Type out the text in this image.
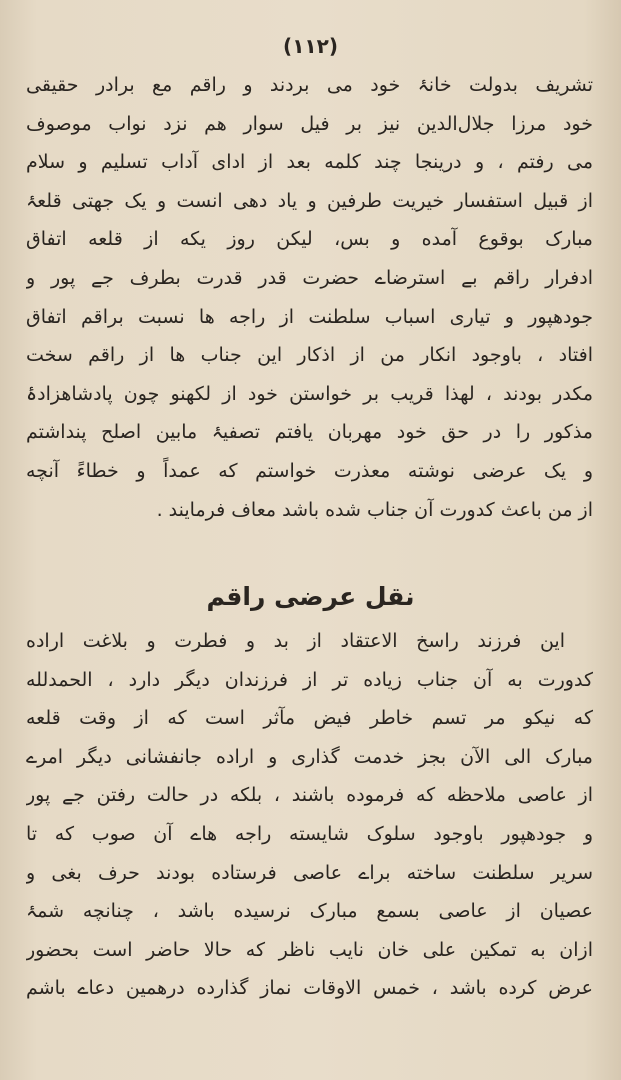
(۱۱۲)
تشریف بدولت خانۂ خود می بردند و راقم مع برادر حقیقی
خود مرزا جلال‌الدین نیز بر فیل سوار هم نزد نواب موصوف
می رفتم ، و درینجا چند کلمه بعد از ادای آداب تسلیم و سلام
از قبیل استفسار خیریت طرفین و یاد دهی انست و یک جهتی قلعۂ
مبارک بوقوع آمده و بس، لیکن روز یکه از قلعه اتفاق
ادفرار راقم بے استرضاے حضرت قدر قدرت بطرف جے پور و
جودهپور و تیاری اسباب سلطنت از راجه ها نسبت براقم اتفاق
افتاد ، باوجود انکار من از اذکار این جناب ها از راقم سخت
مکدر بودند ، لهذا قریب بر خواستن خود از لکهنو چون پادشاهزادۂ
مذکور را در حق خود مهربان یافتم تصفیۂ مابین اصلح پنداشتم
و یک عرضی نوشته معذرت خواستم که عمداً و خطاءً آنچه
از من باعث کدورت آن جناب شده باشد معاف فرمایند .
نقل عرضی راقم
این فرزند راسخ الاعتقاد از بد و فطرت و بلاغت اراده
کدورت به آن جناب زیاده تر از فرزندان دیگر دارد ، الحمدلله
که نیکو مر تسم خاطر فیض مآثر است که از وقت قلعه
مبارک الی الآن بجز خدمت گذاری و اراده جانفشانی دیگر امرے
از عاصی ملاحظه که فرموده باشند ، بلکه در حالت رفتن جے پور
و جودهپور باوجود سلوک شایسته راجه هاے آن صوب که تا
سریر سلطنت ساخته براے عاصی فرستاده بودند حرف بغی و
عصیان از عاصی بسمع مبارک نرسیده باشد ، چنانچه شمۂ
ازان به تمکین علی خان نایب ناظر که حالا حاضر است بحضور
عرض کرده باشد ، خمس الاوقات نماز گذارده درهمین دعاے باشم
